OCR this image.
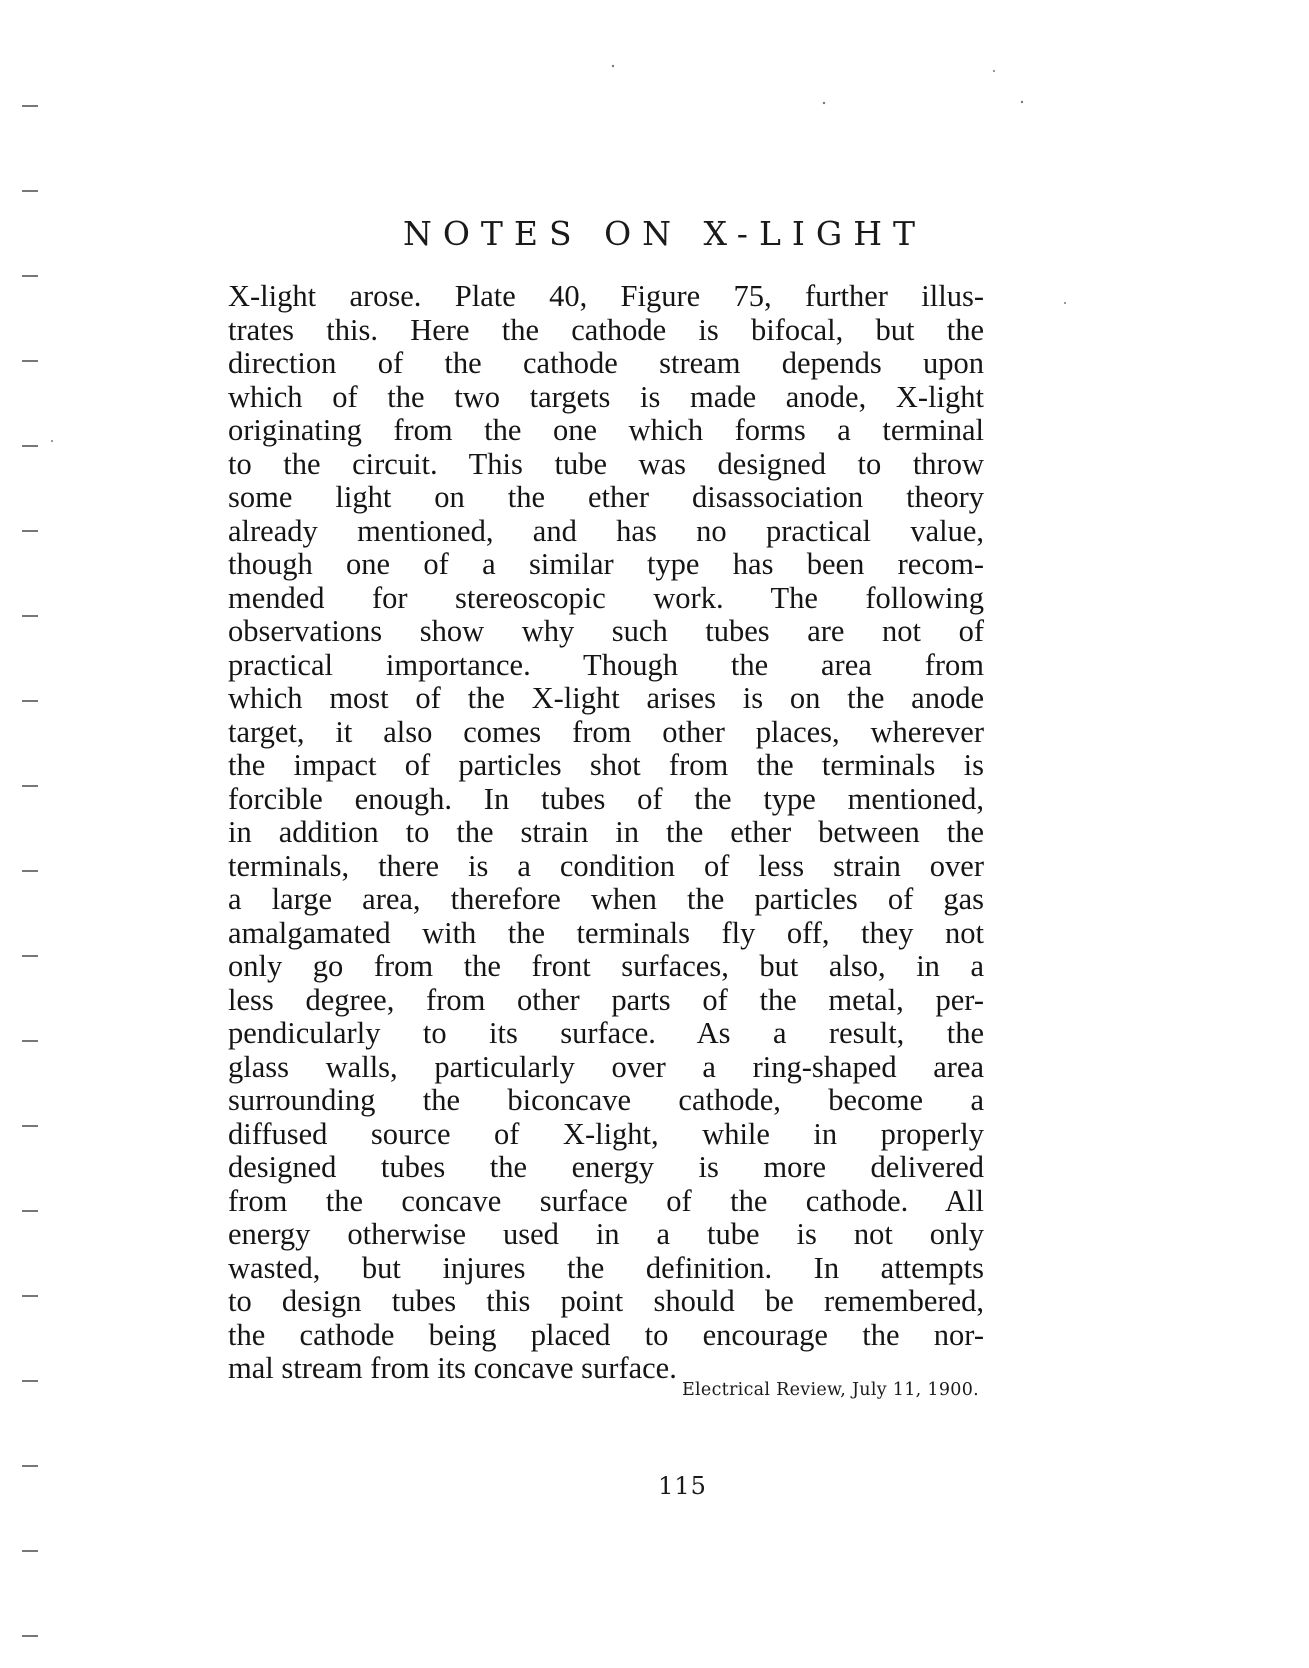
NOTES ON X-LIGHT
X-light arose. Plate 40, Figure 75, further illus-
trates this. Here the cathode is bifocal, but the
direction of the cathode stream depends upon
which of the two targets is made anode, X-light
originating from the one which forms a terminal
to the circuit. This tube was designed to throw
some light on the ether disassociation theory
already mentioned, and has no practical value,
though one of a similar type has been recom-
mended for stereoscopic work. The following
observations show why such tubes are not of
practical importance. Though the area from
which most of the X-light arises is on the anode
target, it also comes from other places, wherever
the impact of particles shot from the terminals is
forcible enough. In tubes of the type mentioned,
in addition to the strain in the ether between the
terminals, there is a condition of less strain over
a large area, therefore when the particles of gas
amalgamated with the terminals fly off, they not
only go from the front surfaces, but also, in a
less degree, from other parts of the metal, per-
pendicularly to its surface. As a result, the
glass walls, particularly over a ring-shaped area
surrounding the biconcave cathode, become a
diffused source of X-light, while in properly
designed tubes the energy is more delivered
from the concave surface of the cathode. All
energy otherwise used in a tube is not only
wasted, but injures the definition. In attempts
to design tubes this point should be remembered,
the cathode being placed to encourage the nor-
mal stream from its concave surface.
Electrical Review, July 11, 1900.
115
